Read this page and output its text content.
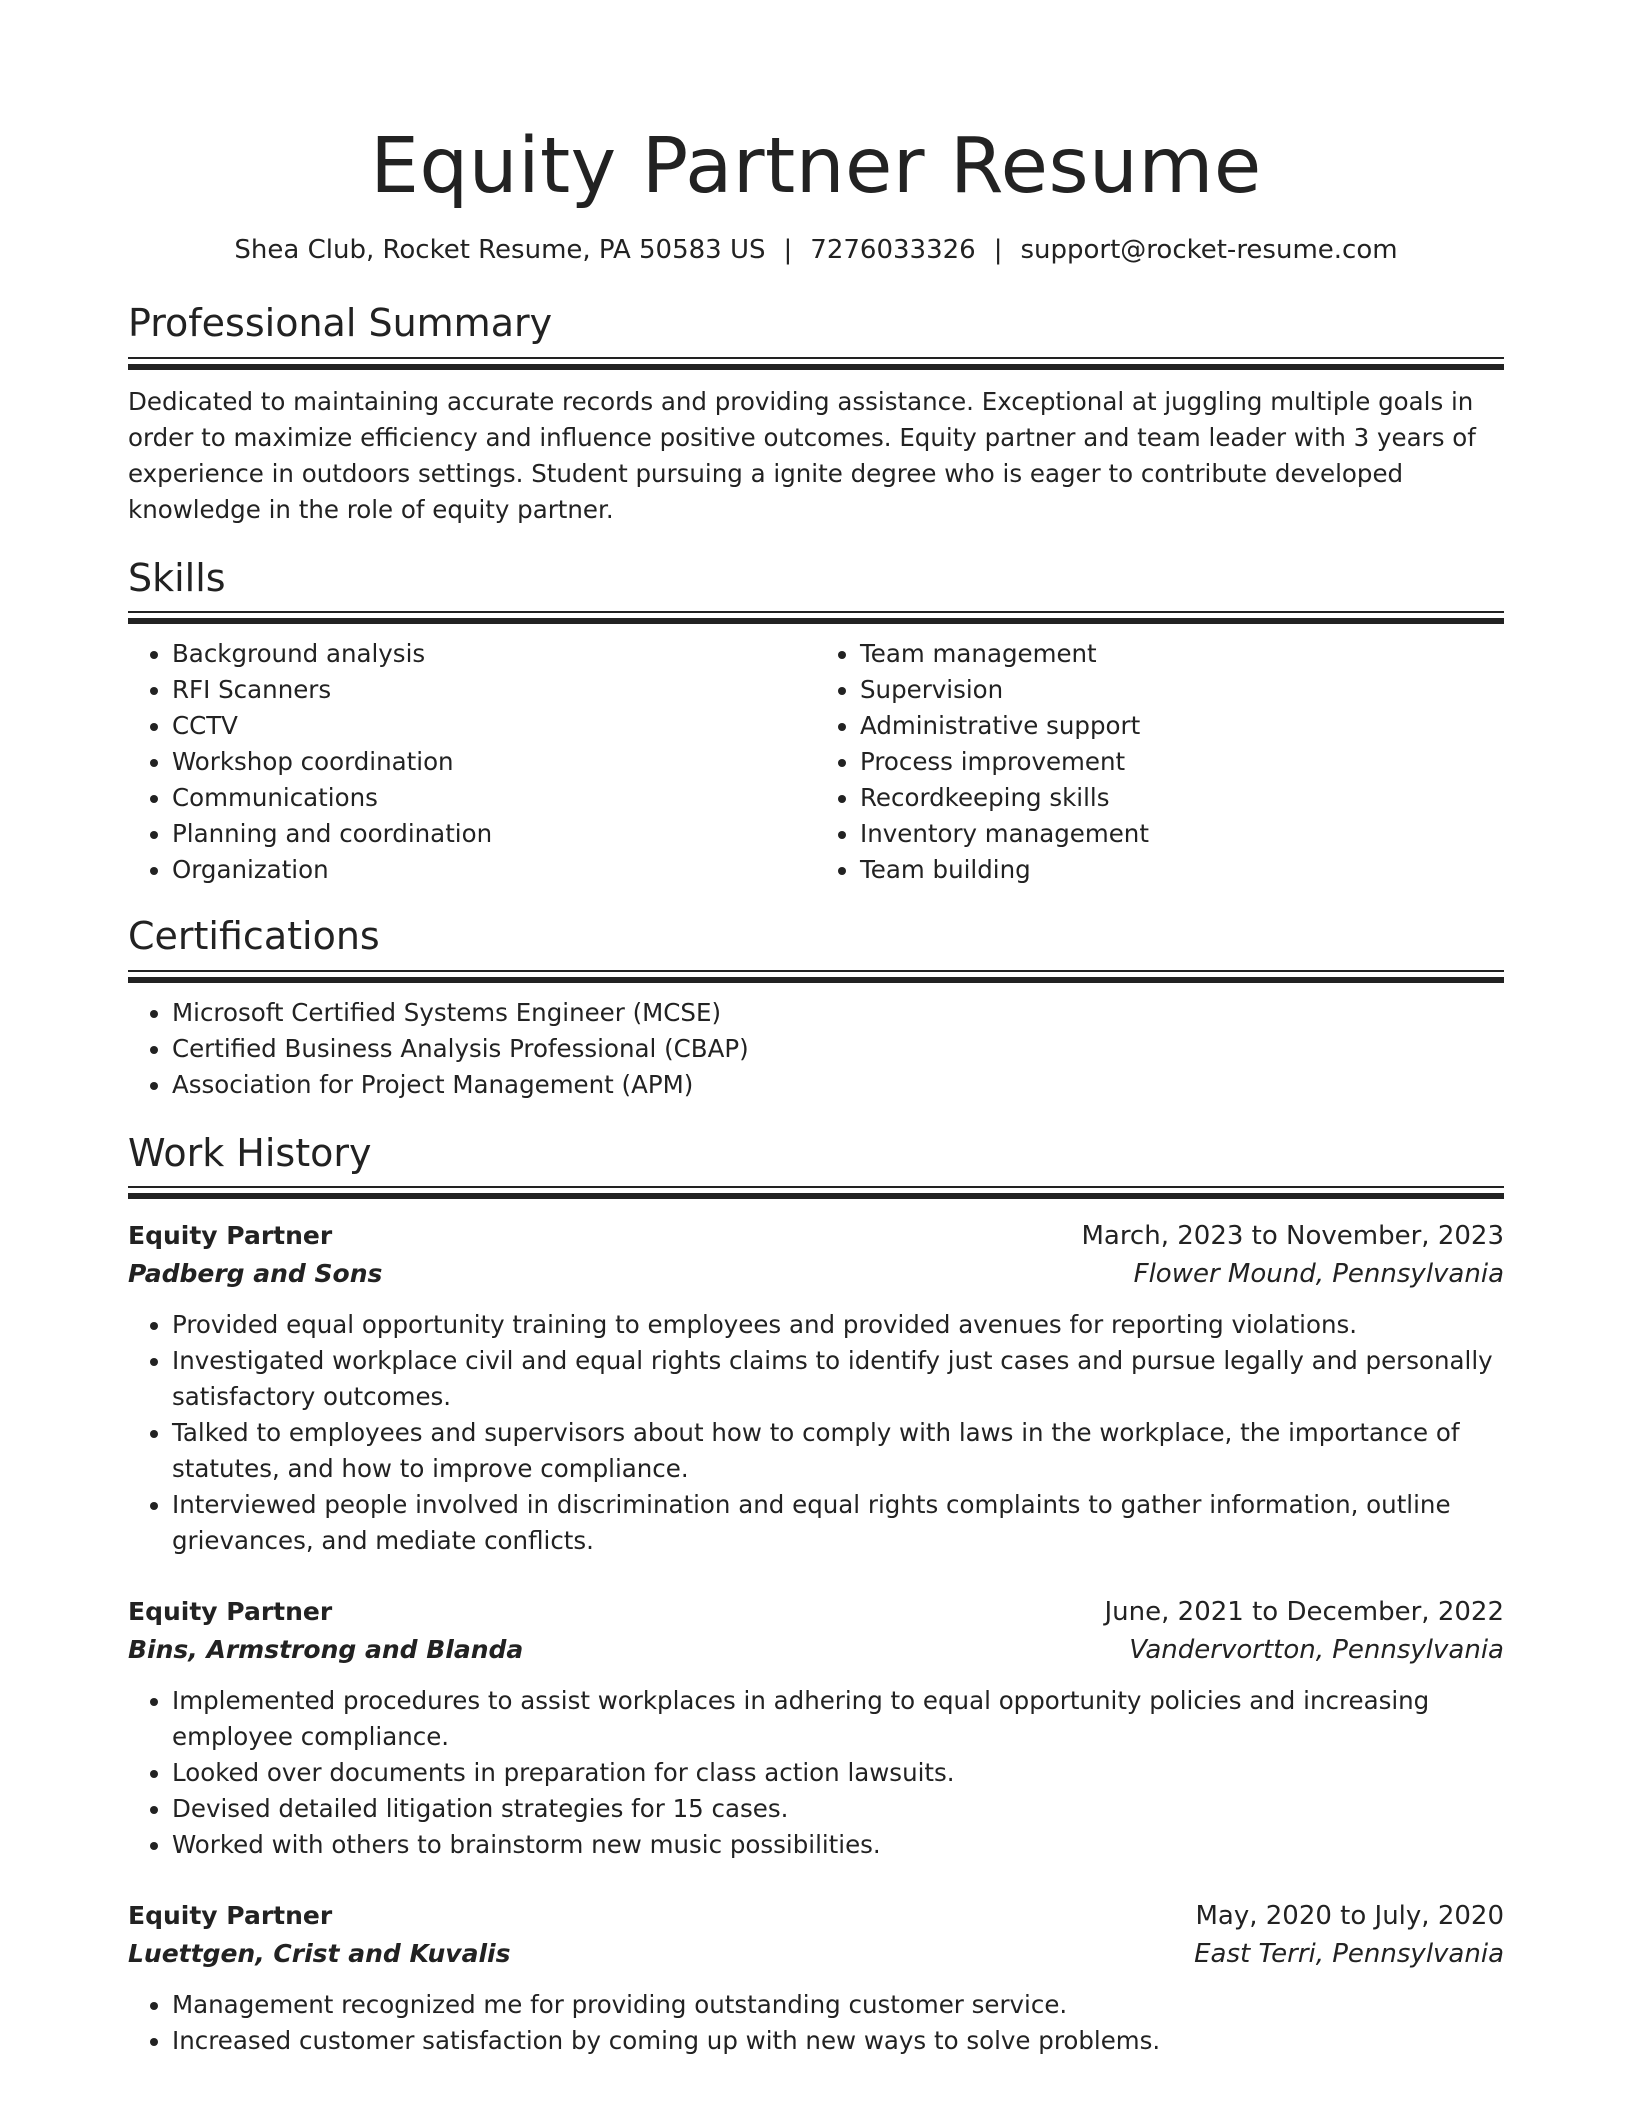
Equity Partner Resume
Shea Club, Rocket Resume, PA 50583 US | 7276033326 | support@rocket-resume.com
Professional Summary

Dedicated to maintaining accurate records and providing assistance. Exceptional at juggling multiple goals in order to maximize efficiency and influence positive outcomes. Equity partner and team leader with 3 years of experience in outdoors settings. Student pursuing a ignite degree who is eager to contribute developed knowledge in the role of equity partner.

Skills
• Background analysis
• RFI Scanners
• CCTV
• Workshop coordination
• Communications
• Planning and coordination
• Organization
• Team management
• Supervision
• Administrative support
• Process improvement
• Recordkeeping skills
• Inventory management
• Team building
Certifications
• Microsoft Certified Systems Engineer (MCSE)
• Certified Business Analysis Professional (CBAP)
• Association for Project Management (APM)
Work History
Equity Partner	March, 2023 to November, 2023
Padberg and Sons	Flower Mound, Pennsylvania
• Provided equal opportunity training to employees and provided avenues for reporting violations.
• Investigated workplace civil and equal rights claims to identify just cases and pursue legally and personally satisfactory outcomes.
• Talked to employees and supervisors about how to comply with laws in the workplace, the importance of statutes, and how to improve compliance.
• Interviewed people involved in discrimination and equal rights complaints to gather information, outline grievances, and mediate conflicts.
Equity Partner	June, 2021 to December, 2022
Bins, Armstrong and Blanda	Vandervortton, Pennsylvania
• Implemented procedures to assist workplaces in adhering to equal opportunity policies and increasing employee compliance.
• Looked over documents in preparation for class action lawsuits.
• Devised detailed litigation strategies for 15 cases.
• Worked with others to brainstorm new music possibilities.
Equity Partner	May, 2020 to July, 2020
Luettgen, Crist and Kuvalis	East Terri, Pennsylvania
• Management recognized me for providing outstanding customer service.
• Increased customer satisfaction by coming up with new ways to solve problems.
